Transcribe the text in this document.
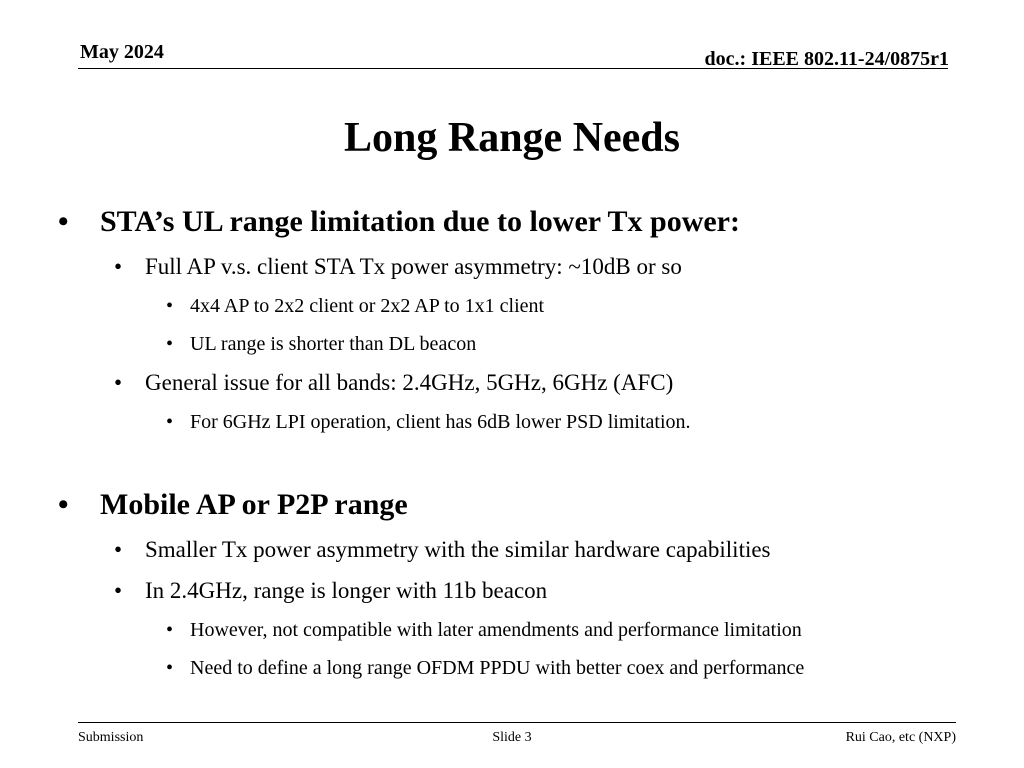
May 2024	doc.: IEEE 802.11-24/0875r1
Long Range Needs
• STA’s UL range limitation due to lower Tx power:
• Full AP v.s. client STA Tx power asymmetry: ~10dB or so
• 4x4 AP to 2x2 client or 2x2 AP to 1x1 client
• UL range is shorter than DL beacon
• General issue for all bands: 2.4GHz, 5GHz, 6GHz (AFC)
• For 6GHz LPI operation, client has 6dB lower PSD limitation.
• Mobile AP or P2P range
• Smaller Tx power asymmetry with the similar hardware capabilities
• In 2.4GHz, range is longer with 11b beacon
• However, not compatible with later amendments and performance limitation
• Need to define a long range OFDM PPDU with better coex and performance
Submission	Slide 3	Rui Cao, etc (NXP)
